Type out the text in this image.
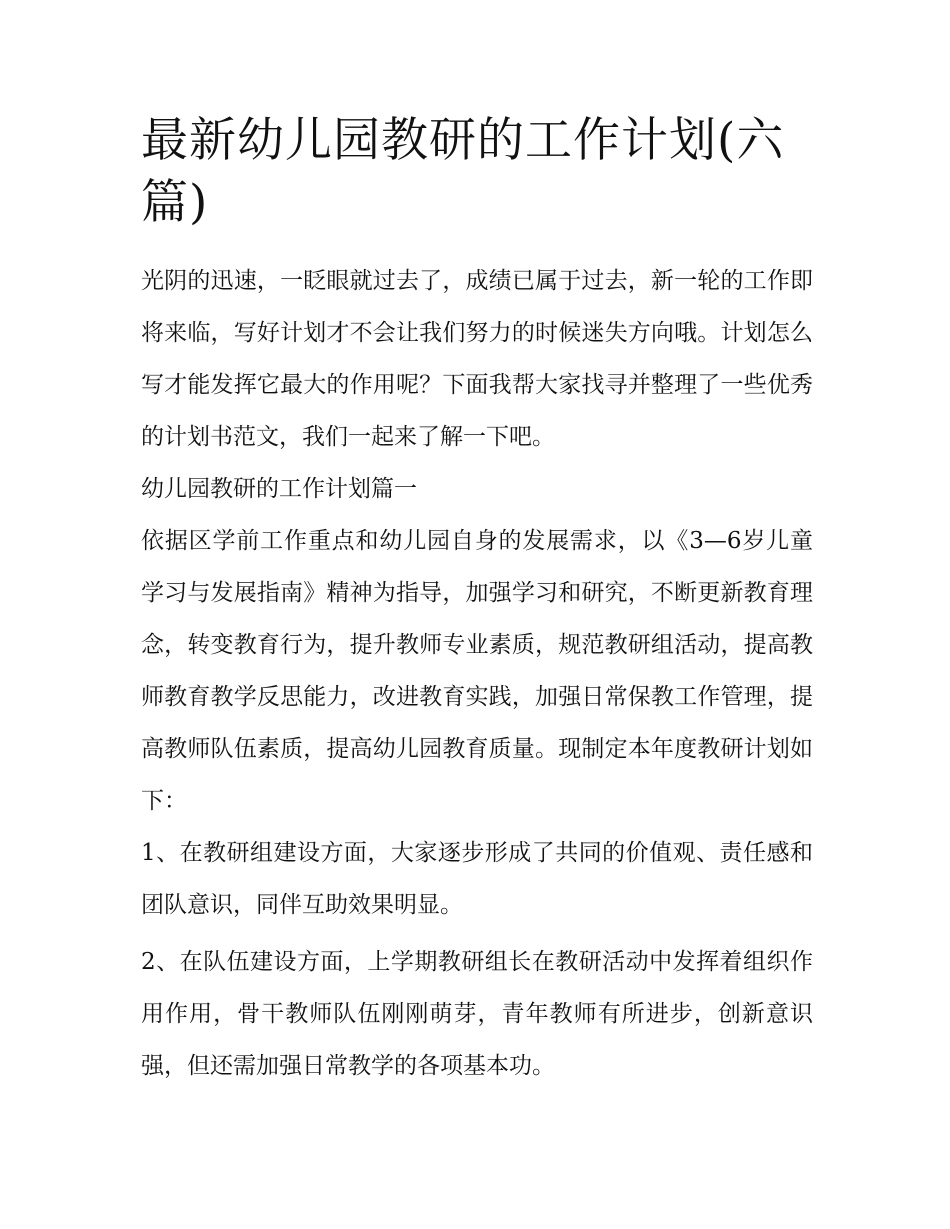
最新幼儿园教研的工作计划(六篇)

光阴的迅速，一眨眼就过去了，成绩已属于过去，新一轮的工作即将来临，写好计划才不会让我们努力的时候迷失方向哦。计划怎么写才能发挥它最大的作用呢？下面我帮大家找寻并整理了一些优秀的计划书范文，我们一起来了解一下吧。

幼儿园教研的工作计划篇一

依据区学前工作重点和幼儿园自身的发展需求，以《3—6岁儿童学习与发展指南》精神为指导，加强学习和研究，不断更新教育理念，转变教育行为，提升教师专业素质，规范教研组活动，提高教师教育教学反思能力，改进教育实践，加强日常保教工作管理，提高教师队伍素质，提高幼儿园教育质量。现制定本年度教研计划如下：

1、在教研组建设方面，大家逐步形成了共同的价值观、责任感和团队意识，同伴互助效果明显。

2、在队伍建设方面，上学期教研组长在教研活动中发挥着组织作用作用，骨干教师队伍刚刚萌芽，青年教师有所进步，创新意识强，但还需加强日常教学的各项基本功。
